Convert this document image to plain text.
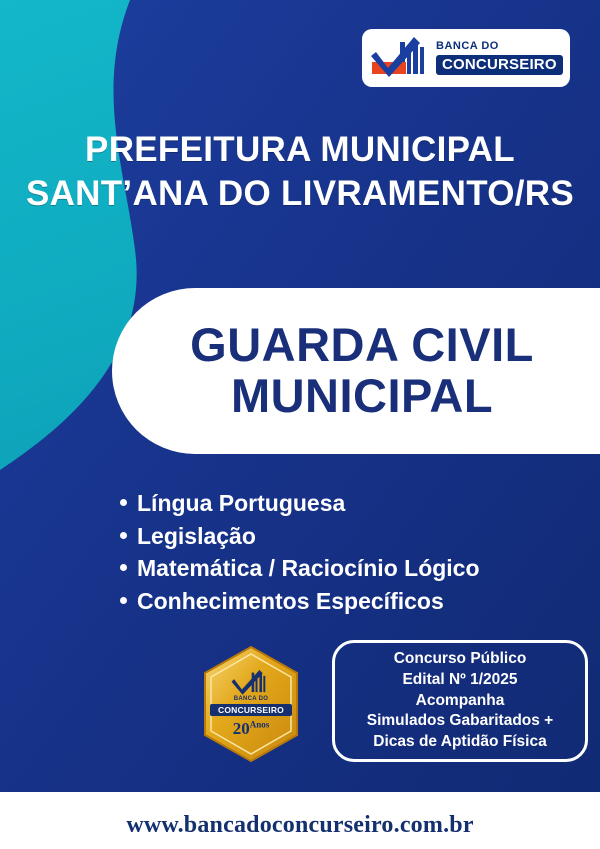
BANCA DO
CONCURSEIRO
PREFEITURA MUNICIPAL
SANT’ANA DO LIVRAMENTO/RS
GUARDA CIVIL
MUNICIPAL
Língua Portuguesa
Legislação
Matemática / Raciocínio Lógico
Conhecimentos Específicos
BANCA DO
CONCURSEIRO
$20^{Anos}$
Concurso Público
Edital Nº 1/2025
Acompanha
Simulados Gabaritados +
Dicas de Aptidão Física
www.bancadoconcurseiro.com.br
